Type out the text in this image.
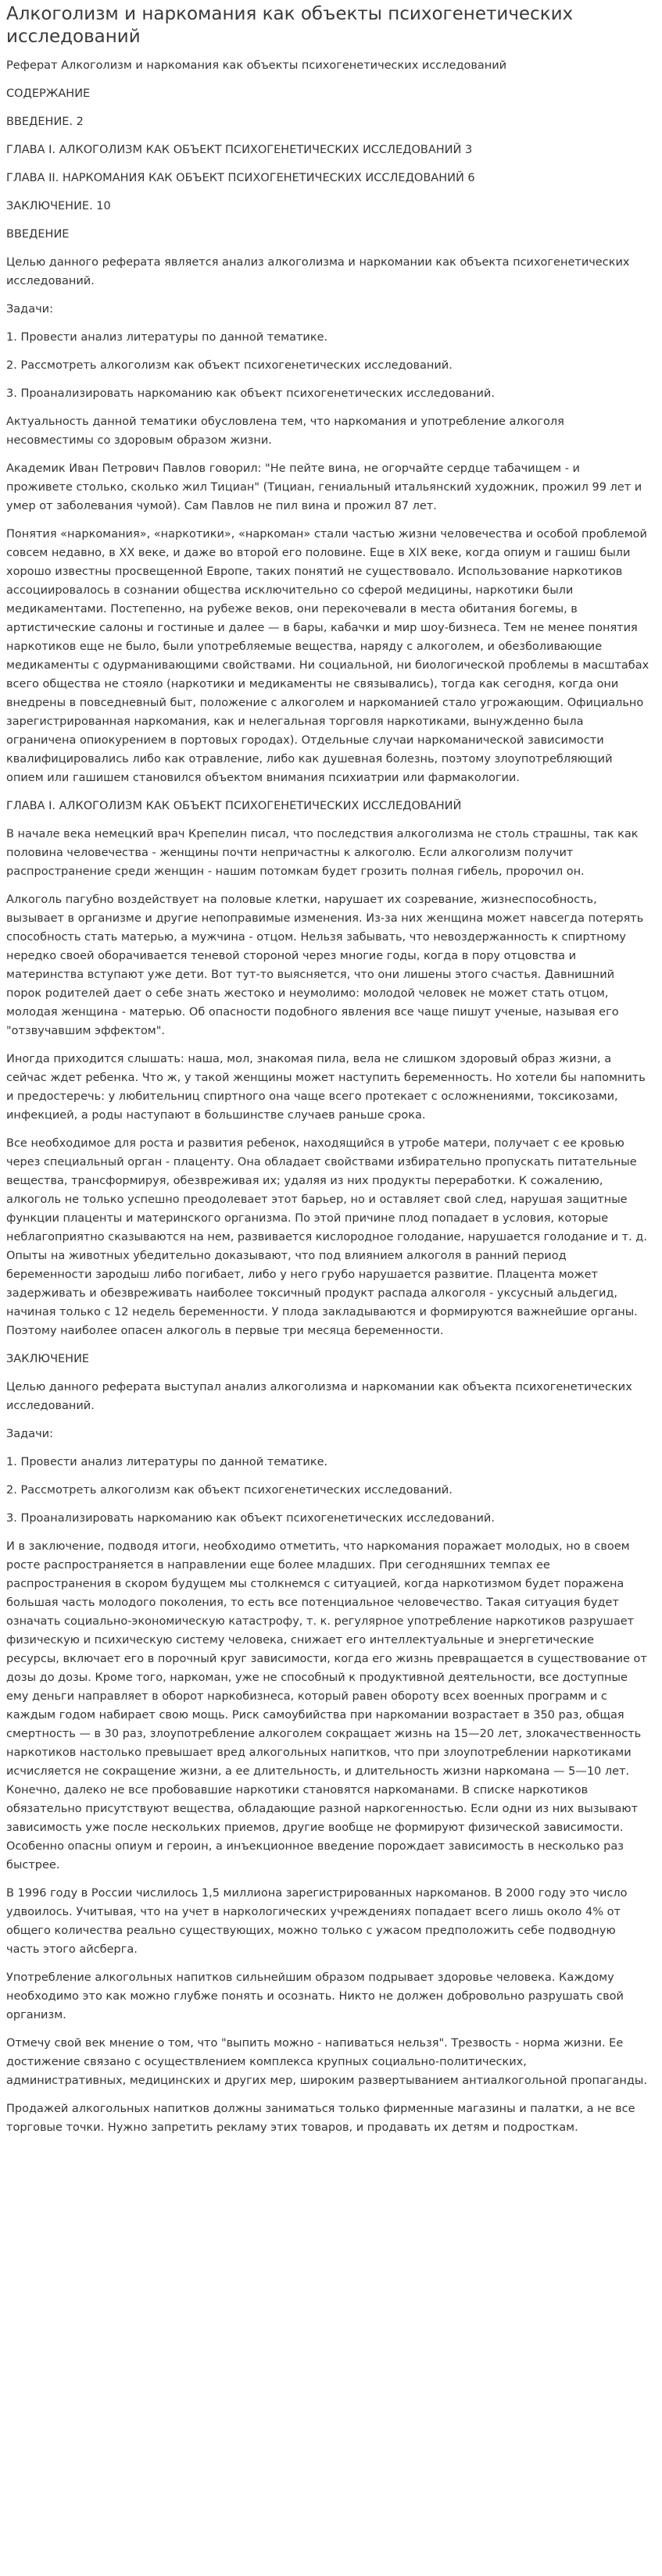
Алкоголизм и наркомания как объекты психогенетических исследований

Реферат Алкоголизм и наркомания как объекты психогенетических исследований

СОДЕРЖАНИЕ

ВВЕДЕНИЕ. 2

ГЛАВА I. АЛКОГОЛИЗМ КАК ОБЪЕКТ ПСИХОГЕНЕТИЧЕСКИХ ИССЛЕДОВАНИЙ 3

ГЛАВА II. НАРКОМАНИЯ КАК ОБЪЕКТ ПСИХОГЕНЕТИЧЕСКИХ ИССЛЕДОВАНИЙ 6

ЗАКЛЮЧЕНИЕ. 10

ВВЕДЕНИЕ

Целью данного реферата является анализ алкоголизма и наркомании как объекта психогенетических исследований.

Задачи:

1. Провести анализ литературы по данной тематике.

2. Рассмотреть алкоголизм как объект психогенетических исследований.

3. Проанализировать наркоманию как объект психогенетических исследований.

Актуальность данной тематики обусловлена тем, что наркомания и употребление алкоголя несовместимы со здоровым образом жизни.

Академик Иван Петрович Павлов говорил: "Не пейте вина, не огорчайте сердце табачищем - и проживете столько, сколько жил Тициан" (Тициан, гениальный итальянский художник, прожил 99 лет и умер от заболевания чумой). Сам Павлов не пил вина и прожил 87 лет.

Понятия «наркомания», «наркотики», «наркоман» стали частью жизни человечества и особой проблемой совсем недавно, в XX веке, и даже во второй его половине. Еще в XIX веке, когда опиум и гашиш были хорошо известны просвещенной Европе, таких понятий не существовало. Использование наркотиков ассоциировалось в сознании общества исключительно со сферой медицины, наркотики были медикаментами. Постепенно, на рубеже веков, они перекочевали в места обитания богемы, в артистические салоны и гостиные и далее — в бары, кабачки и мир шоу-бизнеса. Тем не менее понятия наркотиков еще не было, были употребляемые вещества, наряду с алкоголем, и обезболивающие медикаменты с одурманивающими свойствами. Ни социальной, ни биологической проблемы в масштабах всего общества не стояло (наркотики и медикаменты не связывались), тогда как сегодня, когда они внедрены в повседневный быт, положение с алкоголем и наркоманией стало угрожающим. Официально зарегистрированная наркомания, как и нелегальная торговля наркотиками, вынужденно была ограничена опиокурением в портовых городах). Отдельные случаи наркоманической зависимости квалифицировались либо как отравление, либо как душевная болезнь, поэтому злоупотребляющий опием или гашишем становился объектом внимания психиатрии или фармакологии.

ГЛАВА I. АЛКОГОЛИЗМ КАК ОБЪЕКТ ПСИХОГЕНЕТИЧЕСКИХ ИССЛЕДОВАНИЙ

В начале века немецкий врач Крепелин писал, что последствия алкоголизма не столь страшны, так как половина человечества - женщины почти непричастны к алкоголю. Если алкоголизм получит распространение среди женщин - нашим потомкам будет грозить полная гибель, пророчил он.

Алкоголь пагубно воздействует на половые клетки, нарушает их созревание, жизнеспособность, вызывает в организме и другие непоправимые изменения. Из-за них женщина может навсегда потерять способность стать матерью, а мужчина - отцом. Нельзя забывать, что невоздержанность к спиртному нередко своей оборачивается теневой стороной через многие годы, когда в пору отцовства и материнства вступают уже дети. Вот тут-то выясняется, что они лишены этого счастья. Давнишний порок родителей дает о себе знать жестоко и неумолимо: молодой человек не может стать отцом, молодая женщина - матерью. Об опасности подобного явления все чаще пишут ученые, называя его "отзвучавшим эффектом".

Иногда приходится слышать: наша, мол, знакомая пила, вела не слишком здоровый образ жизни, а сейчас ждет ребенка. Что ж, у такой женщины может наступить беременность. Но хотели бы напомнить и предостеречь: у любительниц спиртного она чаще всего протекает с осложнениями, токсикозами, инфекцией, а роды наступают в большинстве случаев раньше срока.

Все необходимое для роста и развития ребенок, находящийся в утробе матери, получает с ее кровью через специальный орган - плаценту. Она обладает свойствами избирательно пропускать питательные вещества, трансформируя, обезвреживая их; удаляя из них продукты переработки. К сожалению, алкоголь не только успешно преодолевает этот барьер, но и оставляет свой след, нарушая защитные функции плаценты и материнского организма. По этой причине плод попадает в условия, которые неблагоприятно сказываются на нем, развивается кислородное голодание, нарушается голодание и т. д. Опыты на животных убедительно доказывают, что под влиянием алкоголя в ранний период беременности зародыш либо погибает, либо у него грубо нарушается развитие. Плацента может задерживать и обезвреживать наиболее токсичный продукт распада алкоголя - уксусный альдегид, начиная только с 12 недель беременности. У плода закладываются и формируются важнейшие органы. Поэтому наиболее опасен алкоголь в первые три месяца беременности.

ЗАКЛЮЧЕНИЕ

Целью данного реферата выступал анализ алкоголизма и наркомании как объекта психогенетических исследований.

Задачи:

1. Провести анализ литературы по данной тематике.

2. Рассмотреть алкоголизм как объект психогенетических исследований.

3. Проанализировать наркоманию как объект психогенетических исследований.

И в заключение, подводя итоги, необходимо отметить, что наркомания поражает молодых, но в своем росте распространяется в направлении еще более младших. При сегодняшних темпах ее распространения в скором будущем мы столкнемся с ситуацией, когда наркотизмом будет поражена большая часть молодого поколения, то есть все потенциальное человечество. Такая ситуация будет означать социально-экономическую катастрофу, т. к. регулярное употребление наркотиков разрушает физическую и психическую систему человека, снижает его интеллектуальные и энергетические ресурсы, включает его в порочный круг зависимости, когда его жизнь превращается в существование от дозы до дозы. Кроме того, наркоман, уже не способный к продуктивной деятельности, все доступные ему деньги направляет в оборот наркобизнеса, который равен обороту всех военных программ и с каждым годом набирает свою мощь. Риск самоубийства при наркомании возрастает в 350 раз, общая смертность — в 30 раз, злоупотребление алкоголем сокращает жизнь на 15—20 лет, злокачественность наркотиков настолько превышает вред алкогольных напитков, что при злоупотреблении наркотиками исчисляется не сокращение жизни, а ее длительность, и длительность жизни наркомана — 5—10 лет. Конечно, далеко не все пробовавшие наркотики становятся наркоманами. В списке наркотиков обязательно присутствуют вещества, обладающие разной наркогенностью. Если одни из них вызывают зависимость уже после нескольких приемов, другие вообще не формируют физической зависимости. Особенно опасны опиум и героин, а инъекционное введение порождает зависимость в несколько раз быстрее.

В 1996 году в России числилось 1,5 миллиона зарегистрированных наркоманов. В 2000 году это число удвоилось. Учитывая, что на учет в наркологических учреждениях попадает всего лишь около 4% от общего количества реально существующих, можно только с ужасом предположить себе подводную часть этого айсберга.

Употребление алкогольных напитков сильнейшим образом подрывает здоровье человека. Каждому необходимо это как можно глубже понять и осознать. Никто не должен добровольно разрушать свой организм.

Отмечу свой век мнение о том, что "выпить можно - напиваться нельзя". Трезвость - норма жизни. Ее достижение связано с осуществлением комплекса крупных социально-политических, административных, медицинских и других мер, широким развертыванием антиалкогольной пропаганды.

Продажей алкогольных напитков должны заниматься только фирменные магазины и палатки, а не все торговые точки. Нужно запретить рекламу этих товаров, и продавать их детям и подросткам.
